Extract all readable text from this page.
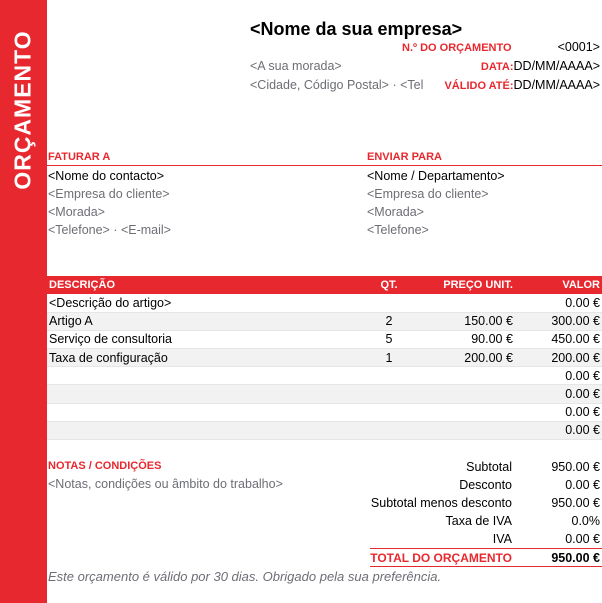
ORÇAMENTO
<Nome da sua empresa>
<A sua morada>
<Cidade, Código Postal> · <Tel
N.º DO ORÇAMENTO	<0001>
DATA: DD/MM/AAAA>
VÁLIDO ATÉ: DD/MM/AAAA>
FATURAR A
<Nome do contacto>
<Empresa do cliente>
<Morada>
<Telefone> · <E-mail>
ENVIAR PARA
<Nome / Departamento>
<Empresa do cliente>
<Morada>
<Telefone>
DESCRIÇÃO	QT.	PREÇO UNIT.	VALOR
<Descrição do artigo>			0.00 €
Artigo A	2	150.00 €	300.00 €
Serviço de consultoria	5	90.00 €	450.00 €
Taxa de configuração	1	200.00 €	200.00 €
			0.00 €
			0.00 €
			0.00 €
			0.00 €
NOTAS / CONDIÇÕES
<Notas, condições ou âmbito do trabalho>
Subtotal	950.00 €
Desconto	0.00 €
Subtotal menos desconto	950.00 €
Taxa de IVA	0.0%
IVA	0.00 €
TOTAL DO ORÇAMENTO	950.00 €
Este orçamento é válido por 30 dias. Obrigado pela sua preferência.
